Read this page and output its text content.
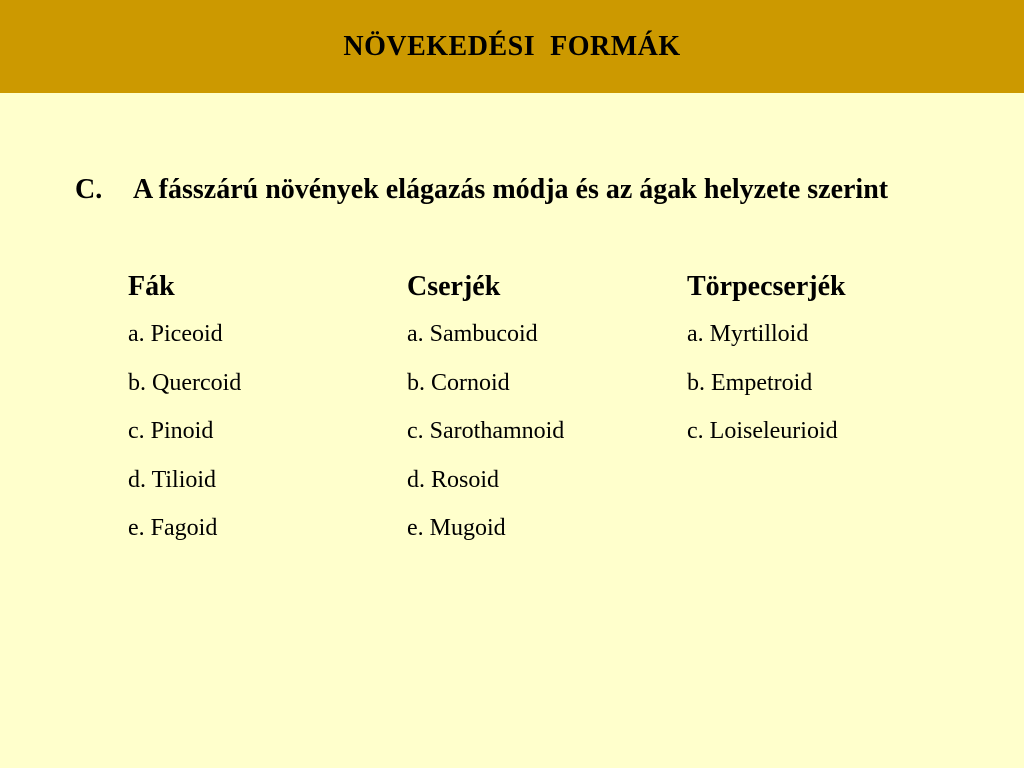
NÖVEKEDÉSI  FORMÁK
C. A fásszárú növények elágazás módja és az ágak helyzete szerint
Fák
a. Piceoid
b. Quercoid
c. Pinoid
d. Tilioid
e. Fagoid
Cserjék
a. Sambucoid
b. Cornoid
c. Sarothamnoid
d. Rosoid
e. Mugoid
Törpecserjék
a. Myrtilloid
b. Empetroid
c. Loiseleurioid
